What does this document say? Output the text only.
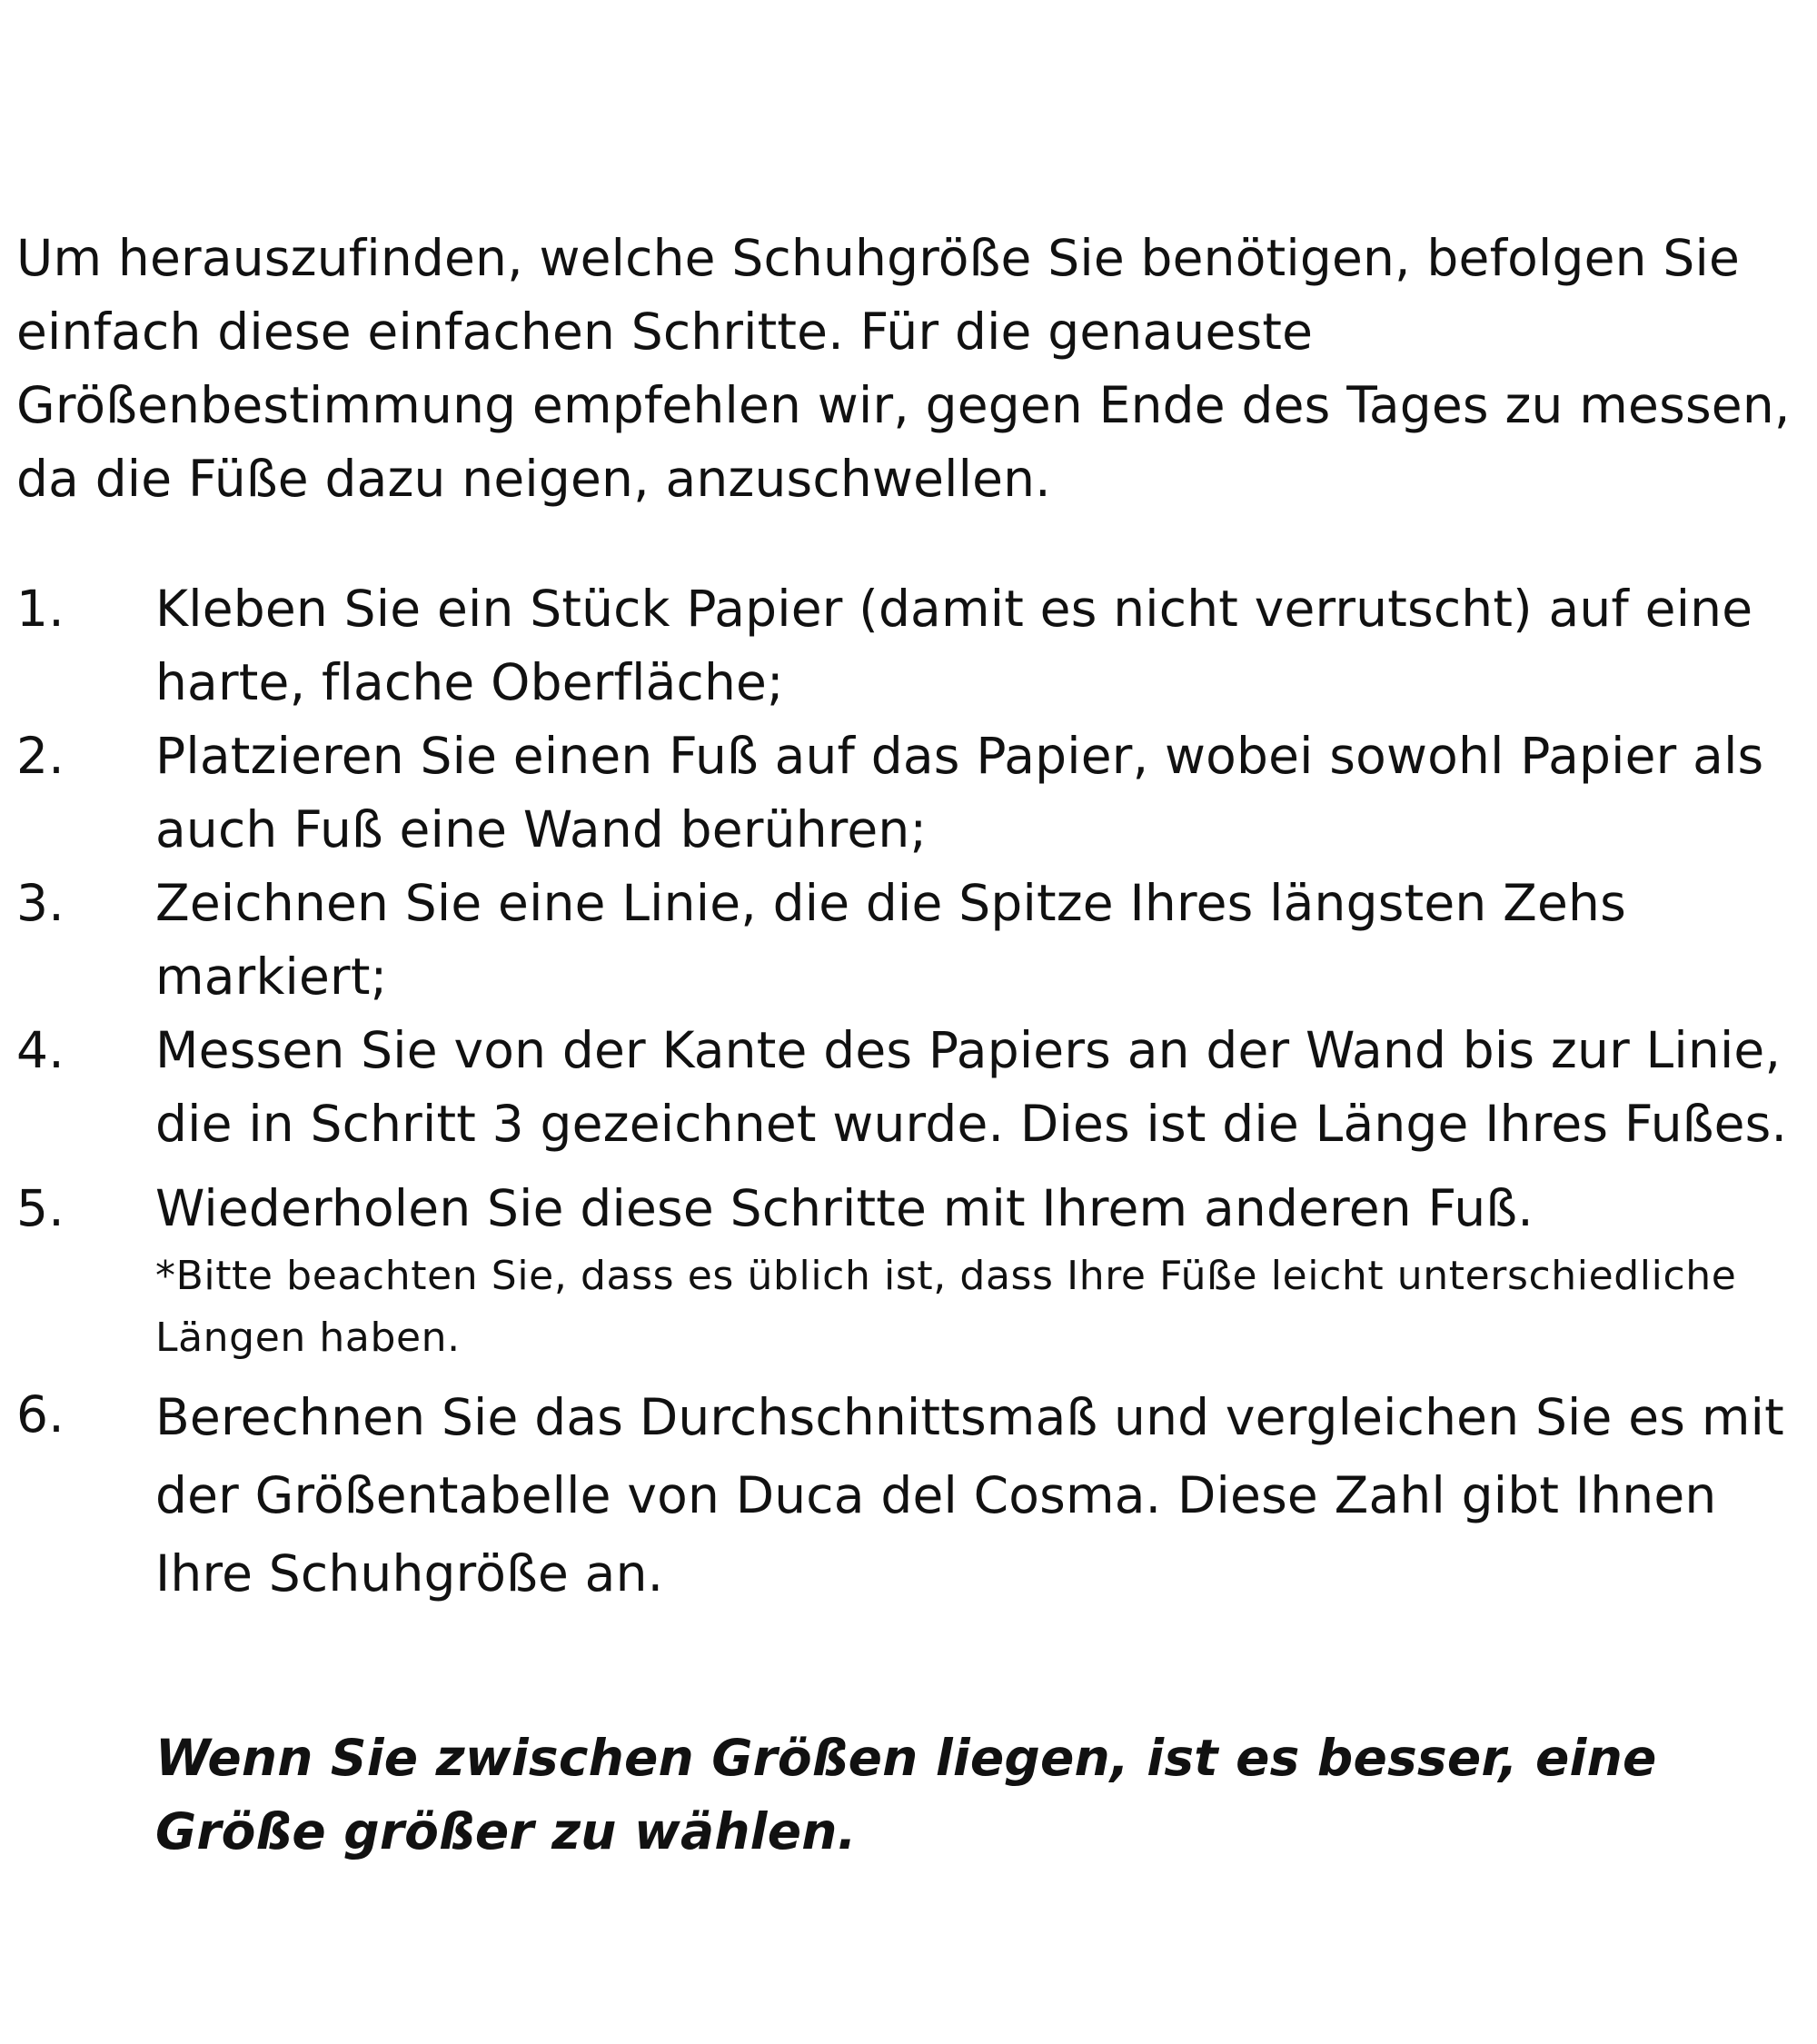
Um herauszufinden, welche Schuhgröße Sie benötigen, befolgen Sie einfach diese einfachen Schritte. Für die genaueste Größenbestimmung empfehlen wir, gegen Ende des Tages zu messen, da die Füße dazu neigen, anzuschwellen.

1. Kleben Sie ein Stück Papier (damit es nicht verrutscht) auf eine harte, flache Oberfläche;
2. Platzieren Sie einen Fuß auf das Papier, wobei sowohl Papier als auch Fuß eine Wand berühren;
3. Zeichnen Sie eine Linie, die die Spitze Ihres längsten Zehs markiert;
4. Messen Sie von der Kante des Papiers an der Wand bis zur Linie, die in Schritt 3 gezeichnet wurde. Dies ist die Länge Ihres Fußes.
5. Wiederholen Sie diese Schritte mit Ihrem anderen Fuß.
*Bitte beachten Sie, dass es üblich ist, dass Ihre Füße leicht unterschiedliche Längen haben.
6. Berechnen Sie das Durchschnittsmaß und vergleichen Sie es mit der Größentabelle von Duca del Cosma. Diese Zahl gibt Ihnen Ihre Schuhgröße an.

Wenn Sie zwischen Größen liegen, ist es besser, eine Größe größer zu wählen.
